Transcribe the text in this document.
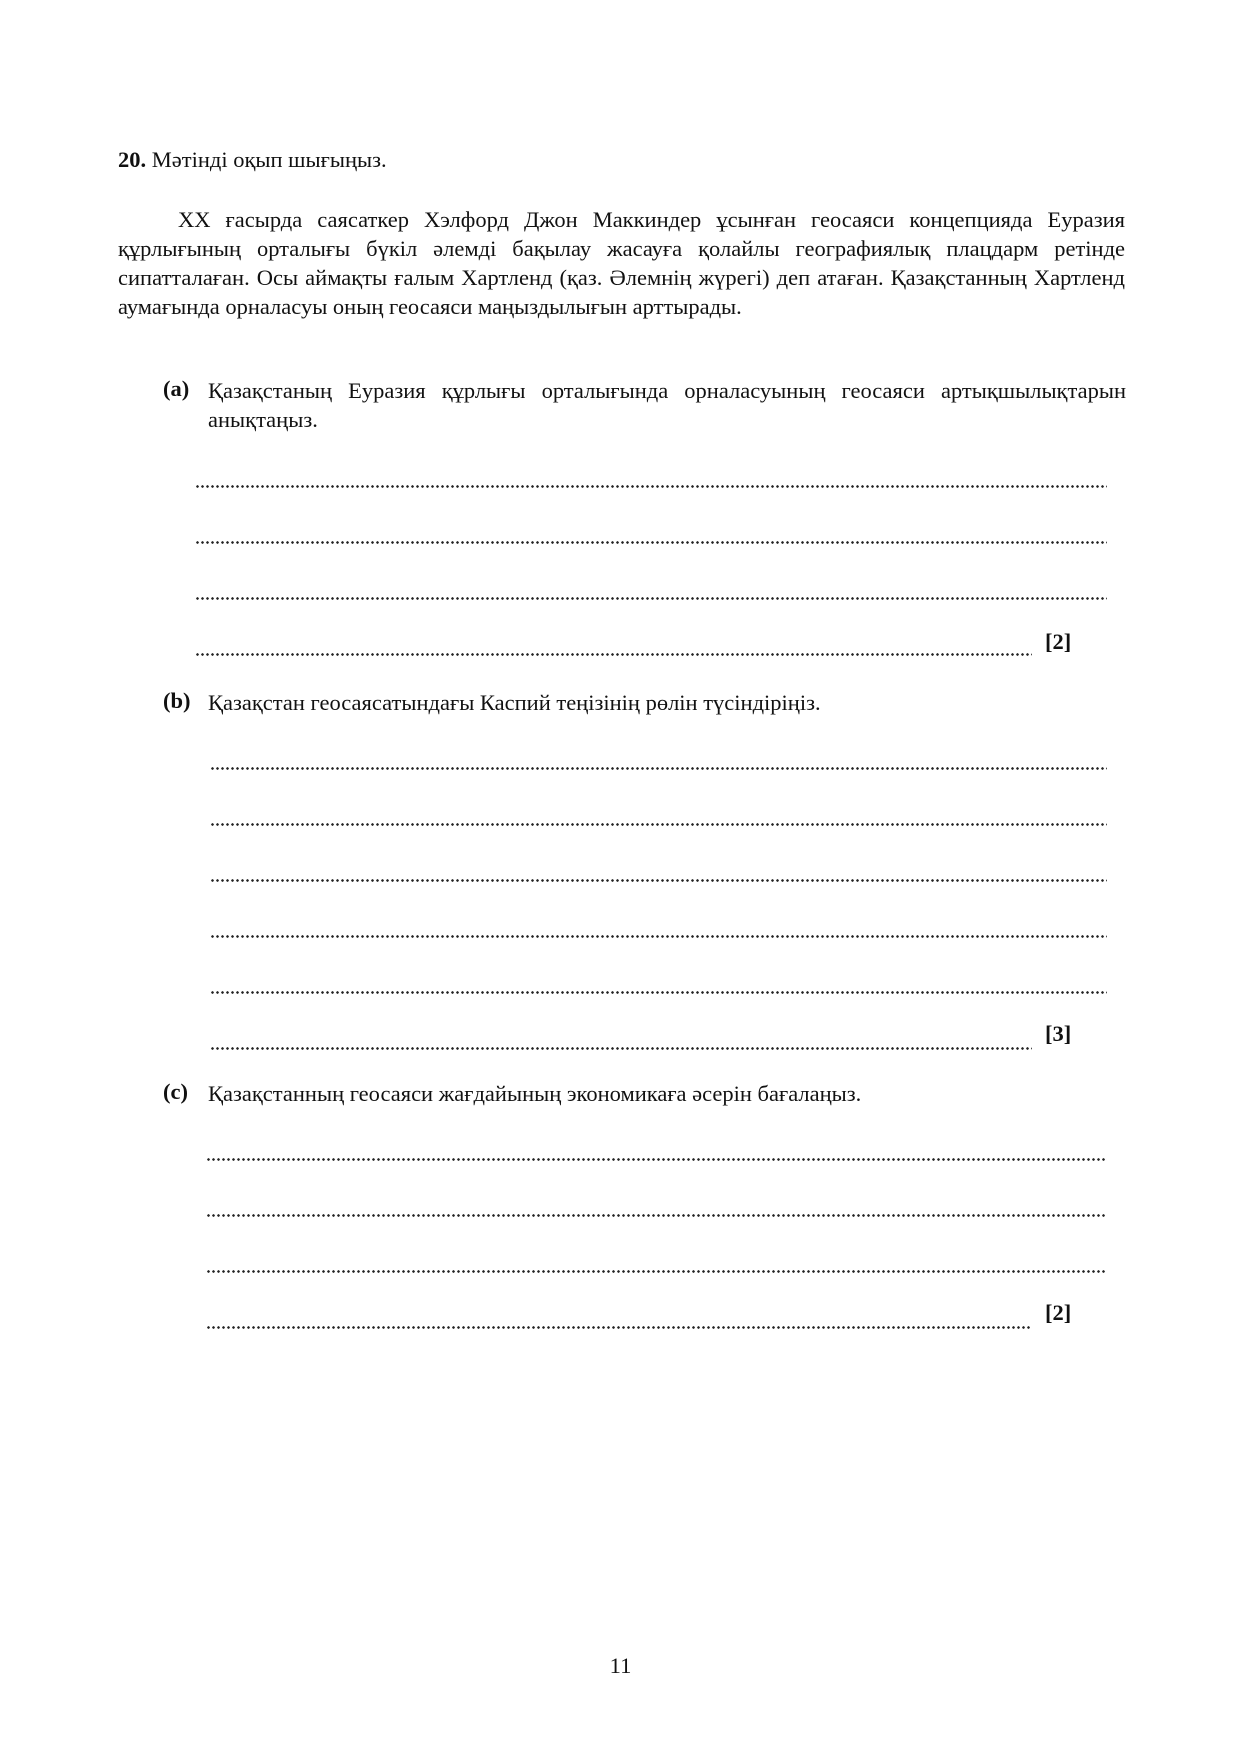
20. Мәтінді оқып шығыңыз.
XX ғасырда саясаткер Хэлфорд Джон Маккиндер ұсынған геосаяси концепцияда Еуразия құрлығының орталығы бүкіл әлемді бақылау жасауға қолайлы географиялық плацдарм ретінде сипатталаған. Осы аймақты ғалым Хартленд (қаз. Әлемнің жүрегі) деп атаған. Қазақстанның Хартленд аумағында орналасуы оның геосаяси маңыздылығын арттырады.
(a) Қазақстаның Еуразия құрлығы орталығында орналасуының геосаяси артықшылықтарын анықтаңыз.
[2]
(b) Қазақстан геосаясатындағы Каспий теңізінің рөлін түсіндіріңіз.
[3]
(c) Қазақстанның геосаяси жағдайының экономикаға әсерін бағалаңыз.
[2]
11
